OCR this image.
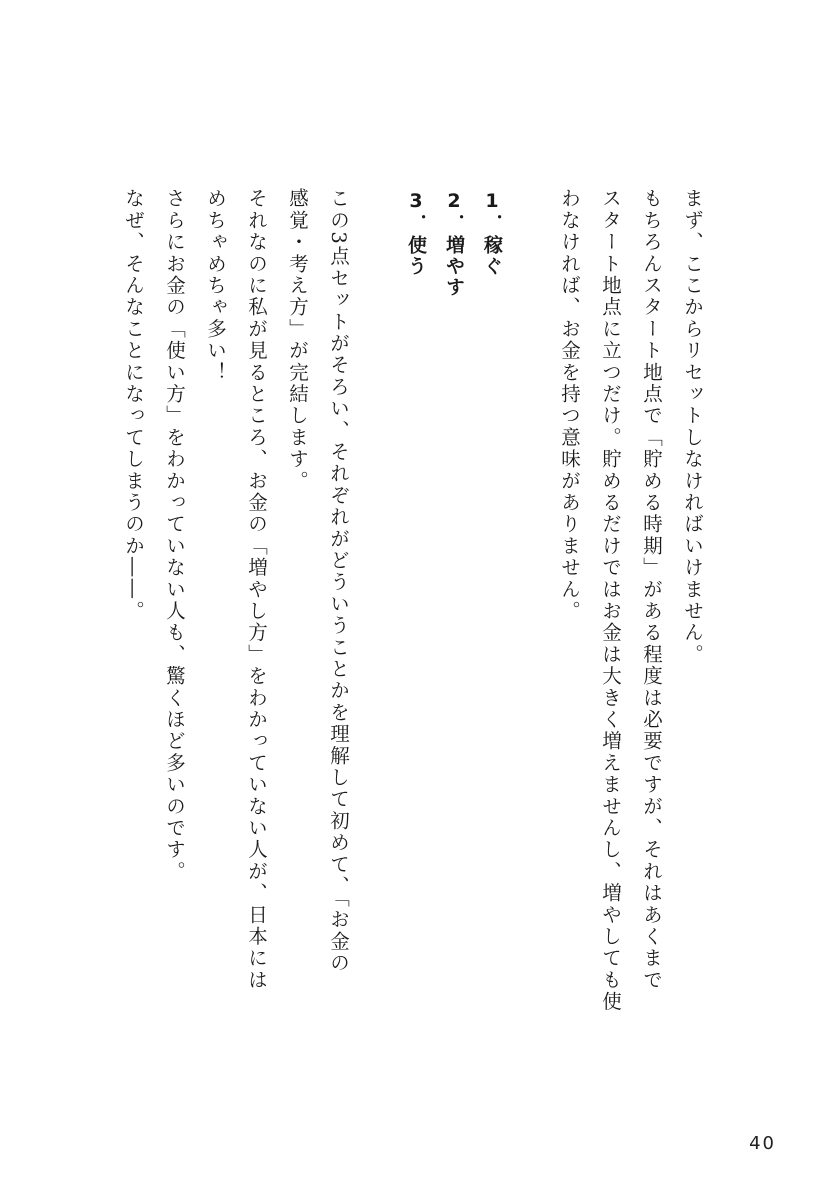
まず、ここからリセットしなければいけません。
もちろんスタート地点で「貯める時期」がある程度は必要ですが、それはあくまで
スタート地点に立つだけ。貯めるだけではお金は大きく増えませんし、増やしても使
わなければ、お金を持つ意味がありません。
1．稼ぐ
2．増やす
3．使う
この3点セットがそろい、それぞれがどういうことかを理解して初めて、「お金の
感覚・考え方」が完結します。
それなのに私が見るところ、お金の「増やし方」をわかっていない人が、日本には
めちゃめちゃ多い！
さらにお金の「使い方」をわかっていない人も、驚くほど多いのです。
なぜ、そんなことになってしまうのか――。
40
